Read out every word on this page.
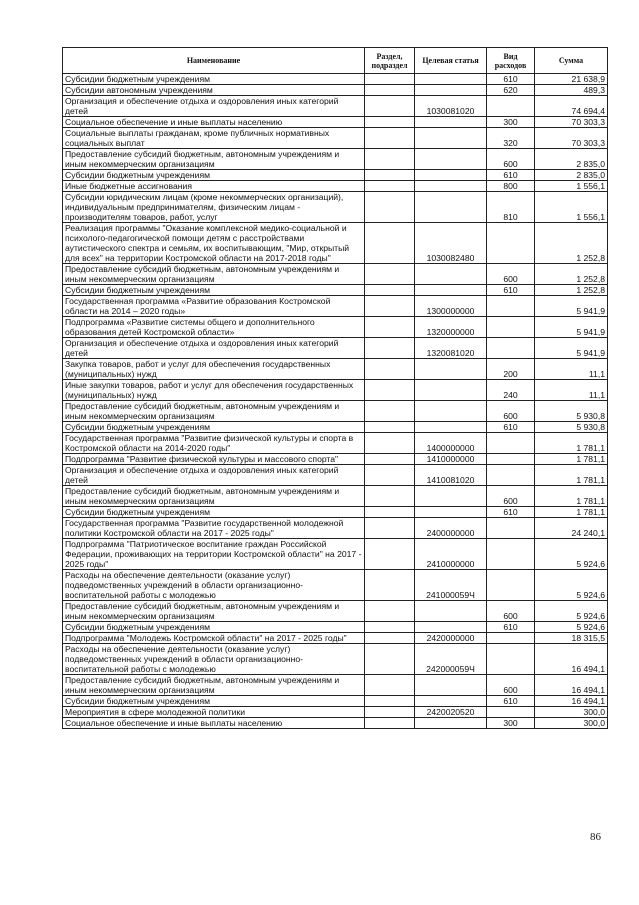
Наименование	Раздел, подраздел	Целевая статья	Вид расходов	Сумма
Субсидии бюджетным учреждениям			610	21 638,9
Субсидии автономным учреждениям			620	489,3
Организация и обеспечение отдыха и оздоровления иных категорий детей		1030081020		74 694,4
Социальное обеспечение и иные выплаты населению			300	70 303,3
Социальные выплаты гражданам, кроме публичных нормативных социальных выплат			320	70 303,3
Предоставление субсидий бюджетным, автономным учреждениям и иным некоммерческим организациям			600	2 835,0
Субсидии бюджетным учреждениям			610	2 835,0
Иные бюджетные ассигнования			800	1 556,1
Субсидии юридическим лицам (кроме некоммерческих организаций), индивидуальным предпринимателям, физическим лицам - производителям товаров, работ, услуг			810	1 556,1
Реализация программы "Оказание комплексной медико-социальной и психолого-педагогической помощи детям с расстройствами аутистического спектра и семьям, их воспитывающим, "Мир, открытый для всех" на территории Костромской области на 2017-2018 годы"		1030082480		1 252,8
Предоставление субсидий бюджетным, автономным учреждениям и иным некоммерческим организациям			600	1 252,8
Субсидии бюджетным учреждениям			610	1 252,8
Государственная программа «Развитие образования Костромской области на 2014 – 2020 годы»		1300000000		5 941,9
Подпрограмма «Развитие системы общего и дополнительного образования детей Костромской области»		1320000000		5 941,9
Организация и обеспечение отдыха и оздоровления иных категорий детей		1320081020		5 941,9
Закупка товаров, работ и услуг для обеспечения государственных (муниципальных) нужд			200	11,1
Иные закупки товаров, работ и услуг для обеспечения государственных (муниципальных) нужд			240	11,1
Предоставление субсидий бюджетным, автономным учреждениям и иным некоммерческим организациям			600	5 930,8
Субсидии бюджетным учреждениям			610	5 930,8
Государственная программа "Развитие физической культуры и спорта в Костромской области на 2014-2020 годы"		1400000000		1 781,1
Подпрограмма "Развитие физической культуры и массового спорта"		1410000000		1 781,1
Организация и обеспечение отдыха и оздоровления иных категорий детей		1410081020		1 781,1
Предоставление субсидий бюджетным, автономным учреждениям и иным некоммерческим организациям			600	1 781,1
Субсидии бюджетным учреждениям			610	1 781,1
Государственная программа "Развитие государственной молодежной политики Костромской области на 2017 - 2025 годы"		2400000000		24 240,1
Подпрограмма "Патриотическое воспитание граждан Российской Федерации, проживающих на территории Костромской области" на 2017 - 2025 годы"		2410000000		5 924,6
Расходы на обеспечение деятельности (оказание услуг) подведомственных учреждений в области организационно-воспитательной работы с молодежью		241000059Ч		5 924,6
Предоставление субсидий бюджетным, автономным учреждениям и иным некоммерческим организациям			600	5 924,6
Субсидии бюджетным учреждениям			610	5 924,6
Подпрограмма "Молодежь Костромской области" на 2017 - 2025 годы"		2420000000		18 315,5
Расходы на обеспечение деятельности (оказание услуг) подведомственных учреждений в области организационно-воспитательной работы с молодежью		242000059Ч		16 494,1
Предоставление субсидий бюджетным, автономным учреждениям и иным некоммерческим организациям			600	16 494,1
Субсидии бюджетным учреждениям			610	16 494,1
Мероприятия в сфере молодежной политики		2420020520		300,0
Социальное обеспечение и иные выплаты населению			300	300,0
86
